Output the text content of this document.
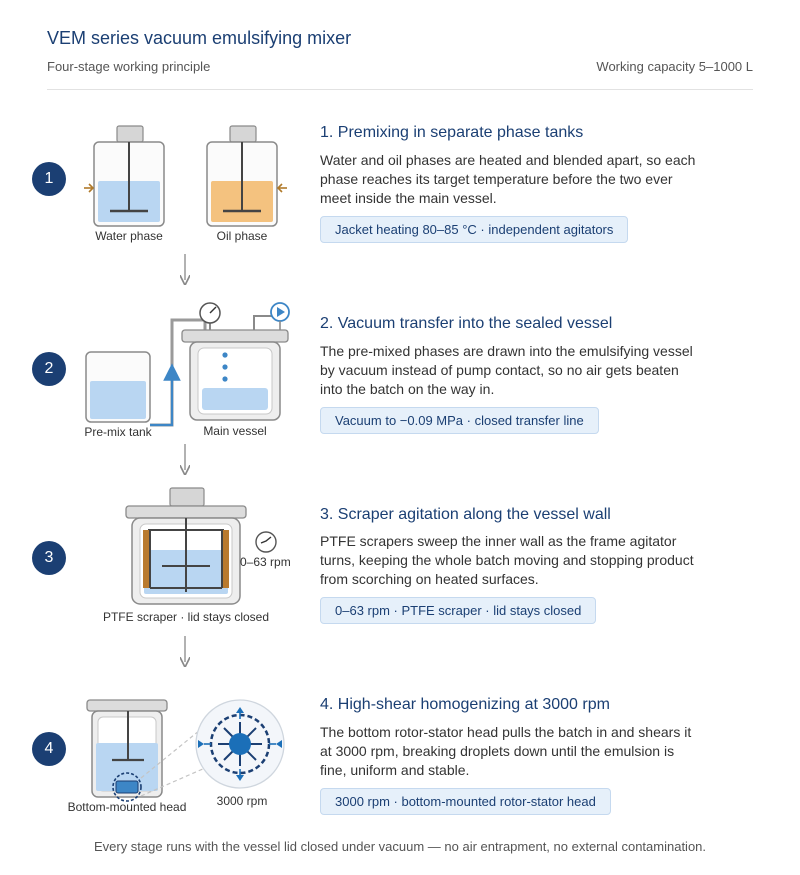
VEM series vacuum emulsifying mixer
Four-stage working principle	Working capacity 5–1000 L
1
2
3
4
1. Premixing in separate phase tanks
Water and oil phases are heated and blended apart, so each phase reaches its target temperature before the two ever meet inside the main vessel.
Jacket heating 80–85 °C · independent agitators
2. Vacuum transfer into the sealed vessel
The pre-mixed phases are drawn into the emulsifying vessel by vacuum instead of pump contact, so no air gets beaten into the batch on the way in.
Vacuum to −0.09 MPa · closed transfer line
3. Scraper agitation along the vessel wall
PTFE scrapers sweep the inner wall as the frame agitator turns, keeping the whole batch moving and stopping product from scorching on heated surfaces.
0–63 rpm · PTFE scraper · lid stays closed
4. High-shear homogenizing at 3000 rpm
The bottom rotor-stator head pulls the batch in and shears it at 3000 rpm, breaking droplets down until the emulsion is fine, uniform and stable.
3000 rpm · bottom-mounted rotor-stator head
Water phase	Oil phase
Pre-mix tank	Main vessel
0–63 rpm
PTFE scraper · lid stays closed
3000 rpm
Bottom-mounted head
Every stage runs with the vessel lid closed under vacuum — no air entrapment, no external contamination.
